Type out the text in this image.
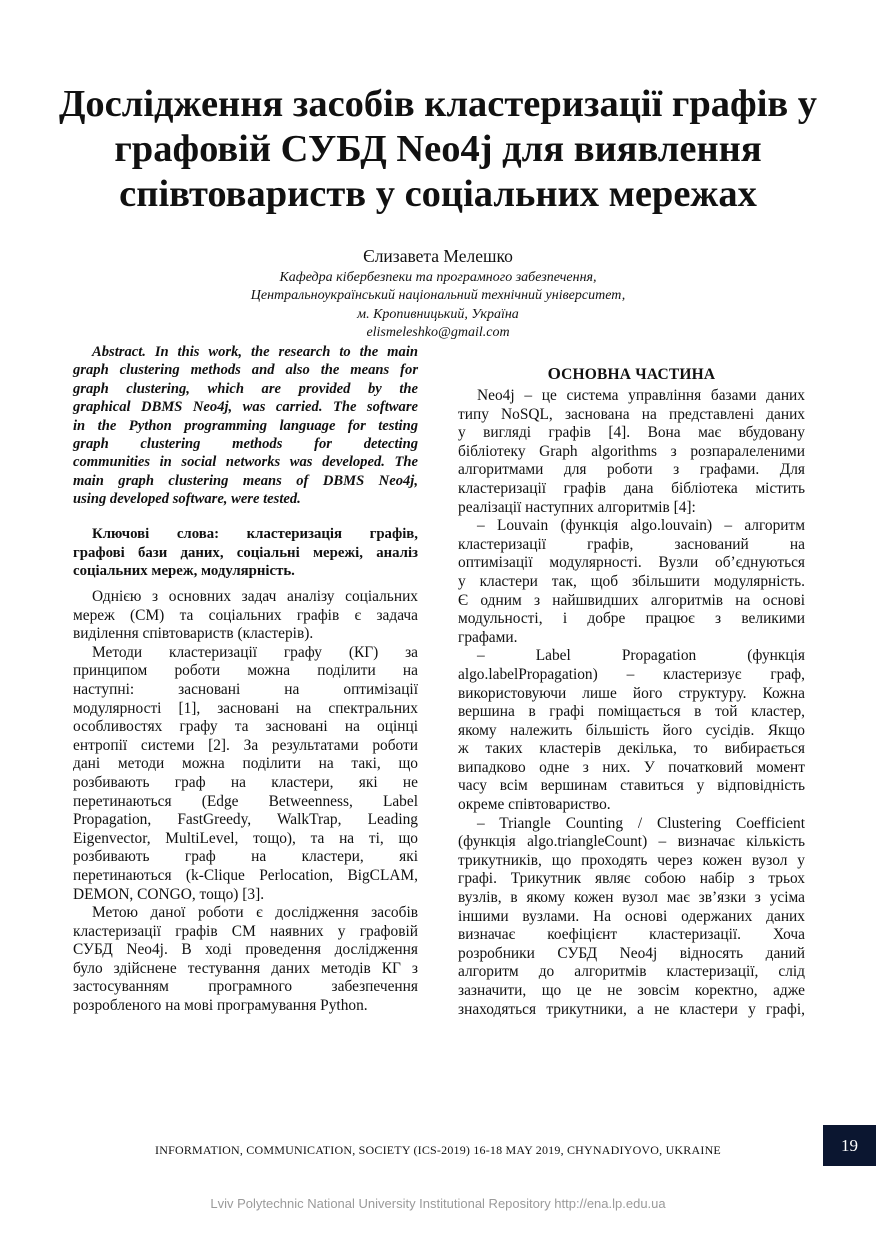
Дослідження засобів кластеризації графів у
графовій СУБД Neo4j для виявлення
співтовариств у соціальних мережах
Єлизавета Мелешко
Кафедра кібербезпеки та програмного забезпечення,
Центральноукраїнський національний технічний університет,
м. Кропивницький, Україна
elismeleshko@gmail.com
Abstract. In this work, the research to the main
graph clustering methods and also the means for
graph clustering, which are provided by the
graphical DBMS Neo4j, was carried. The software
in the Python programming language for testing
graph clustering methods for detecting
communities in social networks was developed. The
main graph clustering means of DBMS Neo4j,
using developed software, were tested.
Ключові слова: кластеризація графів,
графові бази даних, соціальні мережі, аналіз
соціальних мереж, модулярність.
Однією з основних задач аналізу соціальних
мереж (СМ) та соціальних графів є задача
виділення співтовариств (кластерів).
Методи кластеризації графу (КГ) за
принципом роботи можна поділити на
наступні: засновані на оптимізації
модулярності [1], засновані на спектральних
особливостях графу та засновані на оцінці
ентропії системи [2]. За результатами роботи
дані методи можна поділити на такі, що
розбивають граф на кластери, які не
перетинаються (Edge Betweenness, Label
Propagation, FastGreedy, WalkTrap, Leading
Eigenvector, MultiLevel, тощо), та на ті, що
розбивають граф на кластери, які
перетинаються (k-Clique Perlocation, BigCLAM,
DEMON, CONGO, тощо) [3].
Метою даної роботи є дослідження засобів
кластеризації графів СМ наявних у графовій
СУБД Neo4j. В ході проведення дослідження
було здійснене тестування даних методів КГ з
застосуванням програмного забезпечення
розробленого на мові програмування Python.
ОСНОВНА ЧАСТИНА
Neo4j – це система управління базами даних
типу NoSQL, заснована на представлені даних
у вигляді графів [4]. Вона має вбудовану
бібліотеку Graph algorithms з розпаралеленими
алгоритмами для роботи з графами. Для
кластеризації графів дана бібліотека містить
реалізації наступних алгоритмів [4]:
– Louvain (функція algo.louvain) – алгоритм
кластеризації графів, заснований на
оптимізації модулярності. Вузли об’єднуються
у кластери так, щоб збільшити модулярність.
Є одним з найшвидших алгоритмів на основі
модульності, і добре працює з великими
графами.
– Label Propagation (функція
algo.labelPropagation) – кластеризує граф,
використовуючи лише його структуру. Кожна
вершина в графі поміщається в той кластер,
якому належить більшість його сусідів. Якщо
ж таких кластерів декілька, то вибирається
випадково одне з них. У початковий момент
часу всім вершинам ставиться у відповідність
окреме співтовариство.
– Triangle Counting / Clustering Coefficient
(функція algo.triangleCount) – визначає кількість
трикутників, що проходять через кожен вузол у
графі. Трикутник являє собою набір з трьох
вузлів, в якому кожен вузол має зв’язки з усіма
іншими вузлами. На основі одержаних даних
визначає коефіцієнт кластеризації. Хоча
розробники СУБД Neo4j відносять даний
алгоритм до алгоритмів кластеризації, слід
зазначити, що це не зовсім коректно, адже
знаходяться трикутники, а не кластери у графі,
INFORMATION, COMMUNICATION, SOCIETY (ICS-2019) 16-18 MAY 2019, CHYNADIYOVO, UKRAINE	19
Lviv Polytechnic National University Institutional Repository http://ena.lp.edu.ua
